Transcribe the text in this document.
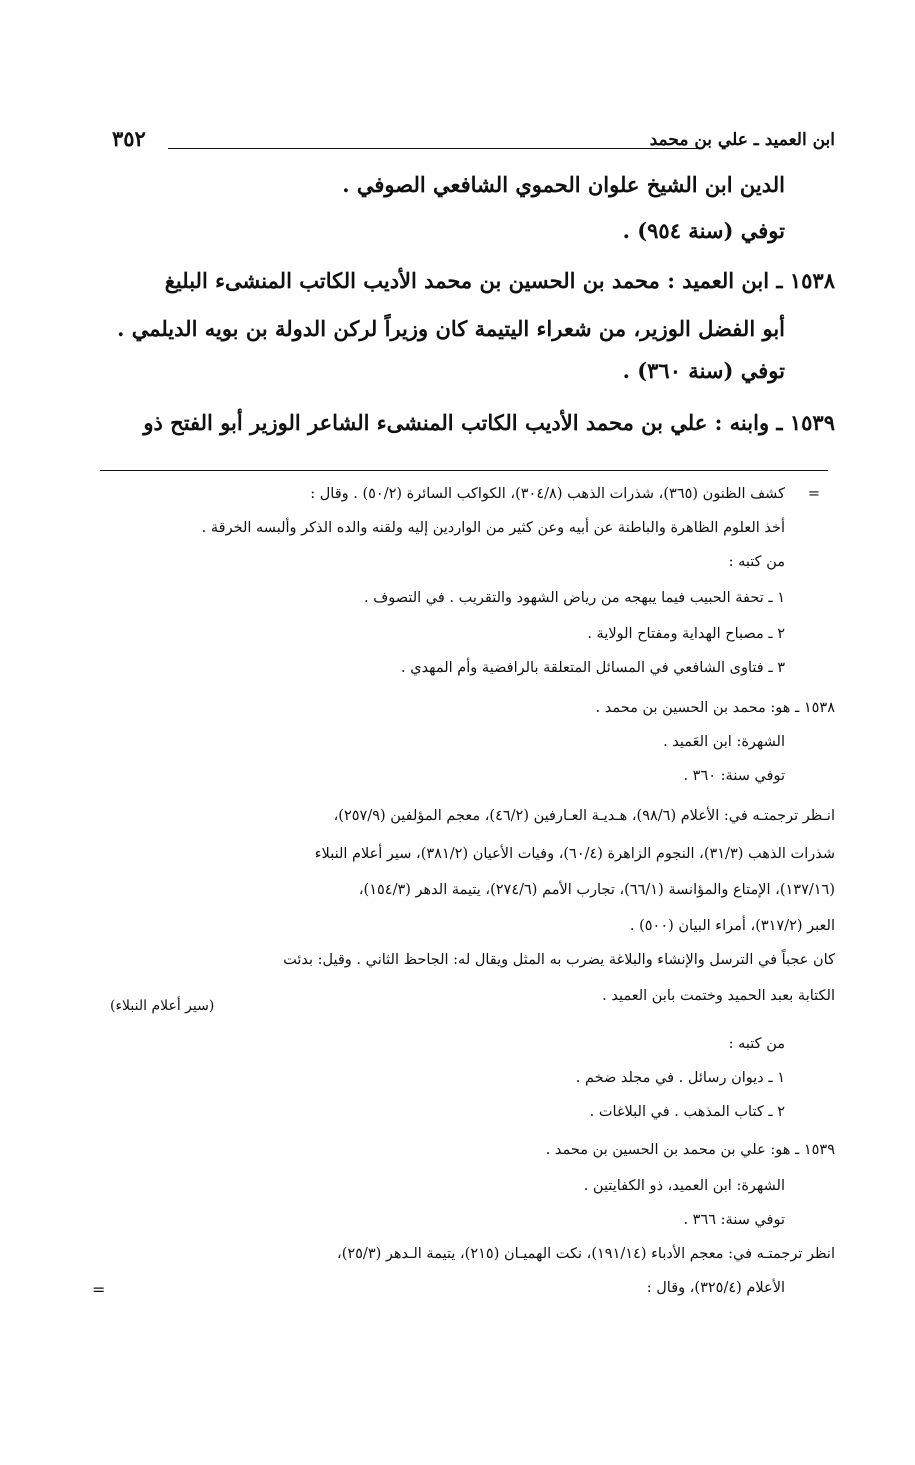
ابن العميد ـ علي بن محمد
٣٥٢
الدين ابن الشيخ علوان الحموي الشافعي الصوفي .
توفي (سنة ٩٥٤) .
١٥٣٨ ـ ابن العميد : محمد بن الحسين بن محمد الأديب الكاتب المنشىء البليغ
أبو الفضل الوزير، من شعراء اليتيمة كان وزيراً لركن الدولة بن بويه الديلمي .
توفي (سنة ٣٦٠) .
١٥٣٩ ـ وابنه : علي بن محمد الأديب الكاتب المنشىء الشاعر الوزير أبو الفتح ذو
=
كشف الظنون (٣٦٥)، شذرات الذهب (٣٠٤/٨)، الكواكب السائرة (٥٠/٢) . وقال :
أخذ العلوم الظاهرة والباطنة عن أبيه وعن كثير من الواردين إليه ولقنه والده الذكر وألبسه الخرقة .
من كتبه :
١ ـ تحفة الحبيب فيما يبهجه من رياض الشهود والتقريب . في التصوف .
٢ ـ مصباح الهداية ومفتاح الولاية .
٣ ـ فتاوى الشافعي في المسائل المتعلقة بالرافضية وأم المهدي .
١٥٣٨ ـ هو: محمد بن الحسين بن محمد .
الشهرة: ابن العَميد .
توفي سنة: ٣٦٠ .
انـظر ترجمتـه في: الأعلام (٩٨/٦)، هـديـة العـارفين (٤٦/٢)، معجم المؤلفين (٢٥٧/٩)،
شذرات الذهب (٣١/٣)، النجوم الزاهرة (٦٠/٤)، وفيات الأعيان (٣٨١/٢)، سير أعلام النبلاء
(١٣٧/١٦)، الإمتاع والمؤانسة (٦٦/١)، تجارب الأمم (٢٧٤/٦)، يتيمة الدهر (١٥٤/٣)،
العبر (٣١٧/٢)، أمراء البيان (٥٠٠) .
كان عجباً في الترسل والإنشاء والبلاغة يضرب به المثل ويقال له: الجاحظ الثاني . وقيل: بدئت
الكتابة بعبد الحميد وختمت بابن العميد .
(سير أعلام النبلاء)
من كتبه :
١ ـ ديوان رسائل . في مجلد ضخم .
٢ ـ كتاب المذهب . في البلاغات .
١٥٣٩ ـ هو: علي بن محمد بن الحسين بن محمد .
الشهرة: ابن العميد، ذو الكفايتين .
توفي سنة: ٣٦٦ .
انظر ترجمتـه في: معجم الأدباء (١٩١/١٤)، نكت الهميـان (٢١٥)، يتيمة الـدهر (٢٥/٣)،
الأعلام (٣٢٥/٤)، وقال :
=
